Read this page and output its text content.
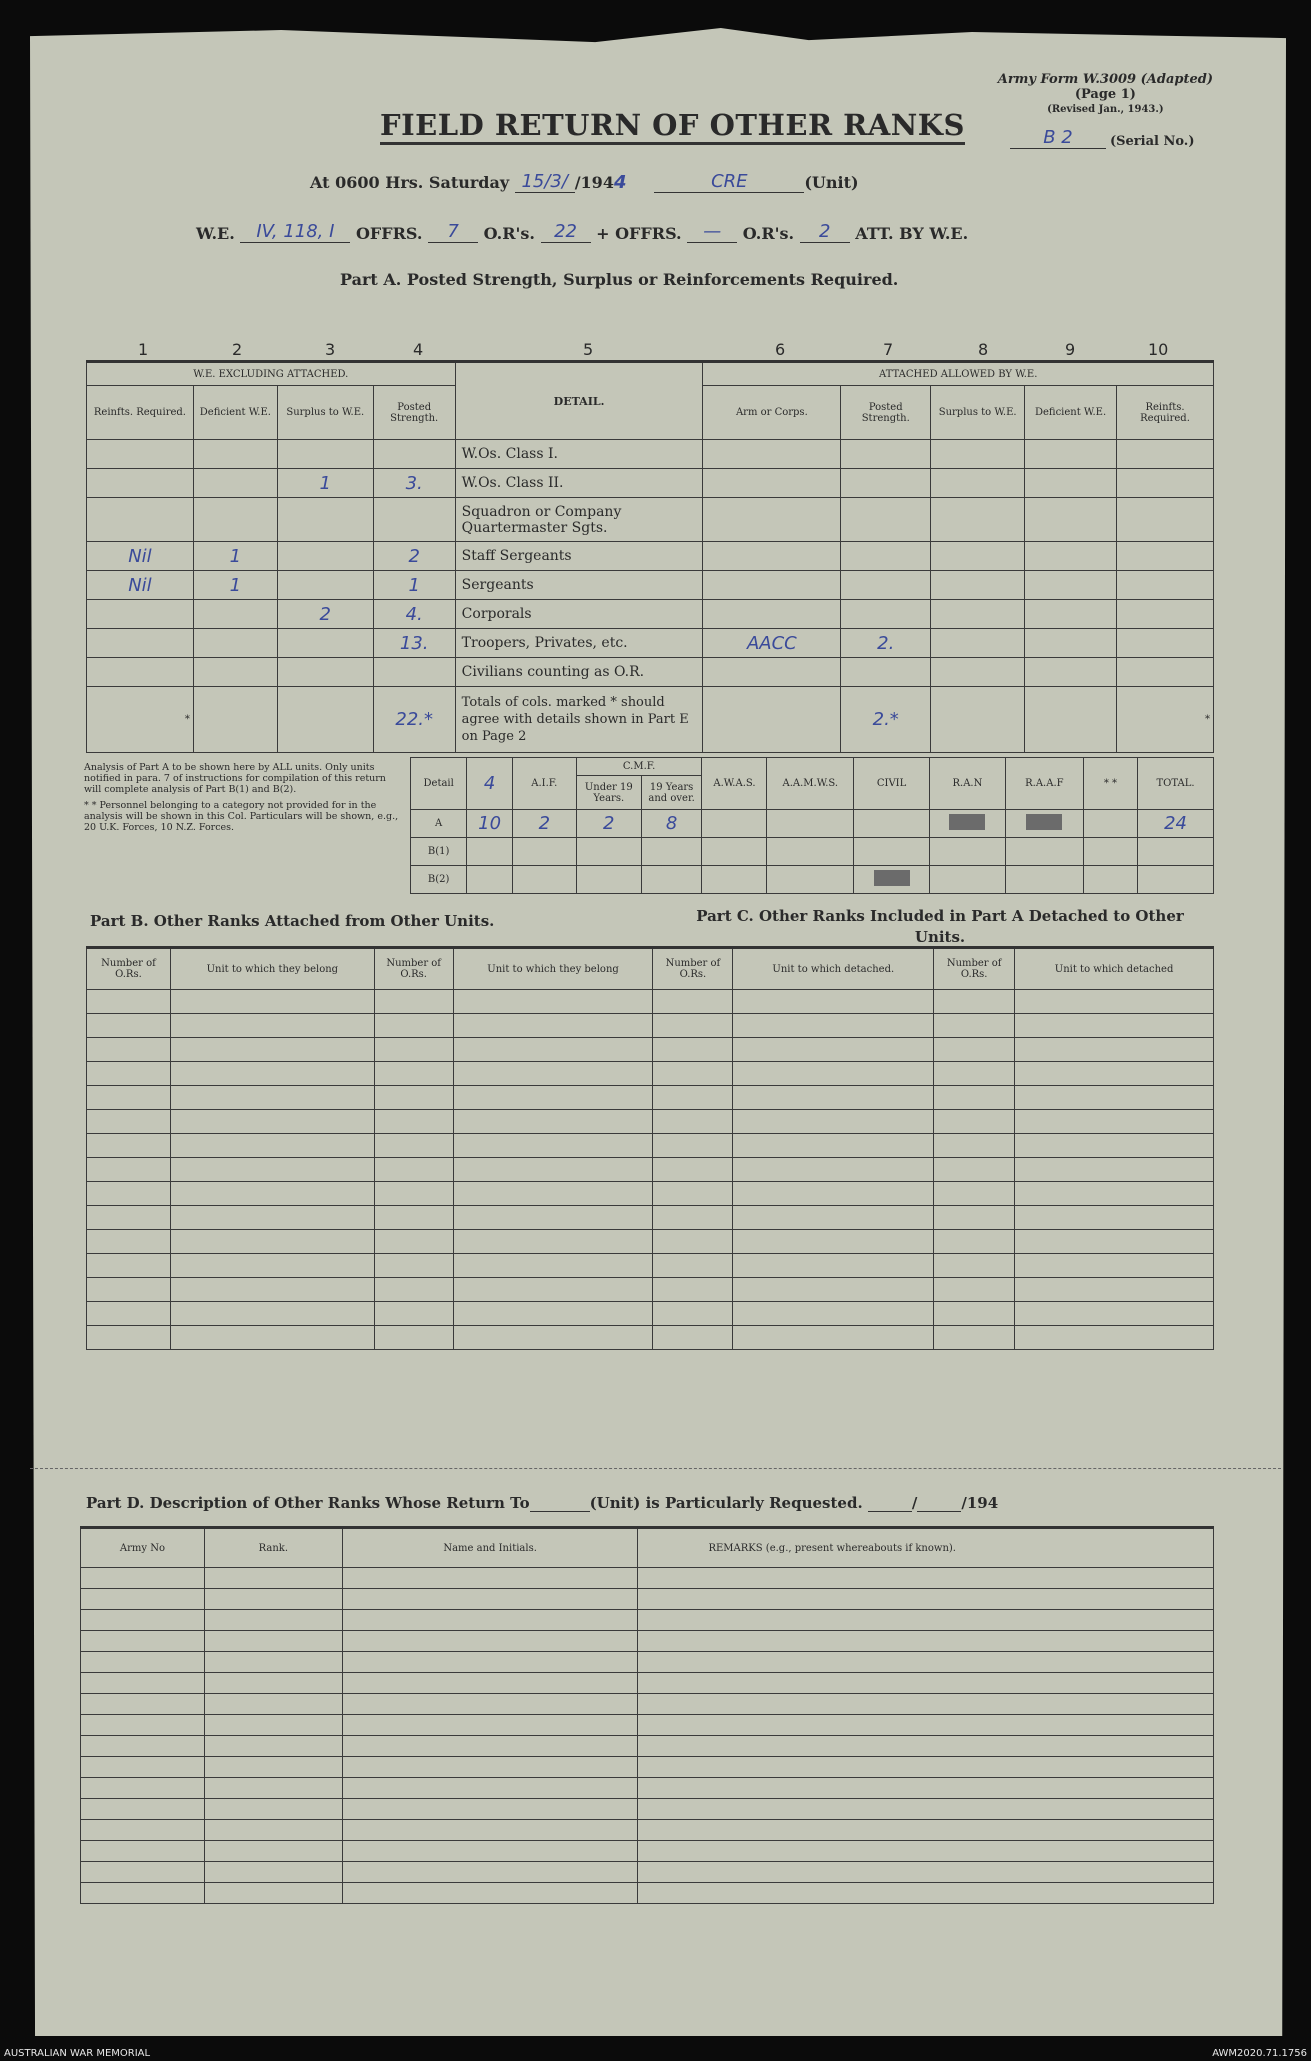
Army Form W.3009 (Adapted)
(Page 1)
(Revised Jan., 1943.)
B 2	(Serial No.)
FIELD RETURN OF OTHER RANKS
At 0600 Hrs. Saturday 15/3/ /1944	CRE	(Unit)
W.E.	IV, 118, I	OFFRS.	7	O.R's.	22	+ OFFRS.	—	O.R's.	2	ATT. BY W.E.
Part A. Posted Strength, Surplus or Reinforcements Required.
1	2	3	4	5	6	7	8	9	10
W.E. EXCLUDING ATTACHED.				DETAIL.	ATTACHED ALLOWED BY W.E.				
Reinfts. Required.	Deficient W.E.	Surplus to W.E.	Posted Strength.		Arm or Corps.	Posted Strength.	Surplus to W.E.	Deficient W.E.	Reinfts. Required.
				W.Os. Class I.					
		1	3.	W.Os. Class II.					
				Squadron or Company Quartermaster Sgts.					
Nil	1		2	Staff Sergeants					
Nil	1		1	Sergeants					
		2	4.	Corporals					
			13.	Troopers, Privates, etc.	AACC	2.			
				Civilians counting as O.R.					
*			22.*	Totals of cols. marked * should agree with details shown in Part E on Page 2		2.*			*
Analysis of Part A to be shown here by ALL units. Only units notified in para. 7 of instructions for compilation of this return will complete analysis of Part B(1) and B(2).
* * Personnel belonging to a category not provided for in the analysis will be shown in this Col. Particulars will be shown, e.g., 20 U.K. Forces, 10 N.Z. Forces.
Detail	4	A.I.F.	C.M.F.		A.W.A.S.	A.A.M.W.S.	CIVIL	R.A.N	R.A.A.F	* *	TOTAL.
			Under 19 Years.	19 Years and over.							
A	10	2	2	8							24
B(1)											
B(2)											
Part B. Other Ranks Attached from Other Units.	Part C. Other Ranks Included in Part A Detached to Other Units.
Number of O.Rs.	Unit to which they belong	Number of O.Rs.	Unit to which they belong	Number of O.Rs.	Unit to which detached.	Number of O.Rs.	Unit to which detached

Part D. Description of Other Ranks Whose Return To	(Unit) is Particularly Requested.	/	/194
Army No	Rank.	Name and Initials.	REMARKS (e.g., present whereabouts if known).

AUSTRALIAN WAR MEMORIAL	AWM2020.71.1756
